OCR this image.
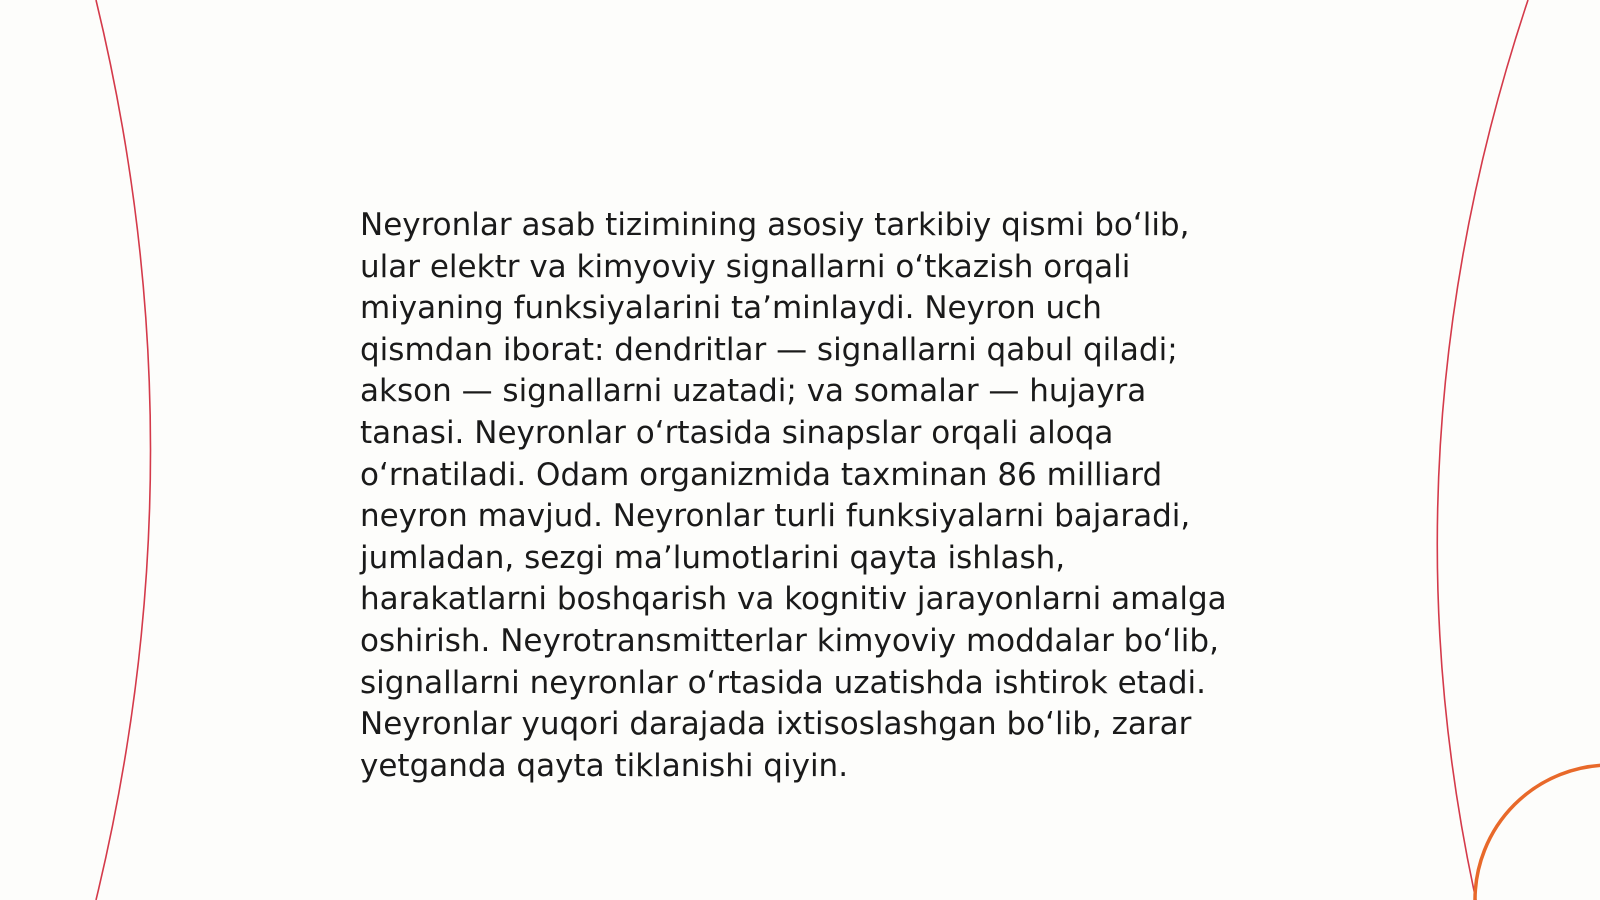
Neyronlar asab tizimining asosiy tarkibiy qismi bo‘lib, ular elektr va kimyoviy signallarni o‘tkazish orqali miyaning funksiyalarini ta’minlaydi. Neyron uch qismdan iborat: dendritlar — signallarni qabul qiladi; akson — signallarni uzatadi; va somalar — hujayra tanasi. Neyronlar o‘rtasida sinapslar orqali aloqa o‘rnatiladi. Odam organizmida taxminan 86 milliard neyron mavjud. Neyronlar turli funksiyalarni bajaradi, jumladan, sezgi ma’lumotlarini qayta ishlash, harakatlarni boshqarish va kognitiv jarayonlarni amalga oshirish. Neyrotransmitterlar kimyoviy moddalar bo‘lib, signallarni neyronlar o‘rtasida uzatishda ishtirok etadi. Neyronlar yuqori darajada ixtisoslashgan bo‘lib, zarar yetganda qayta tiklanishi qiyin.
